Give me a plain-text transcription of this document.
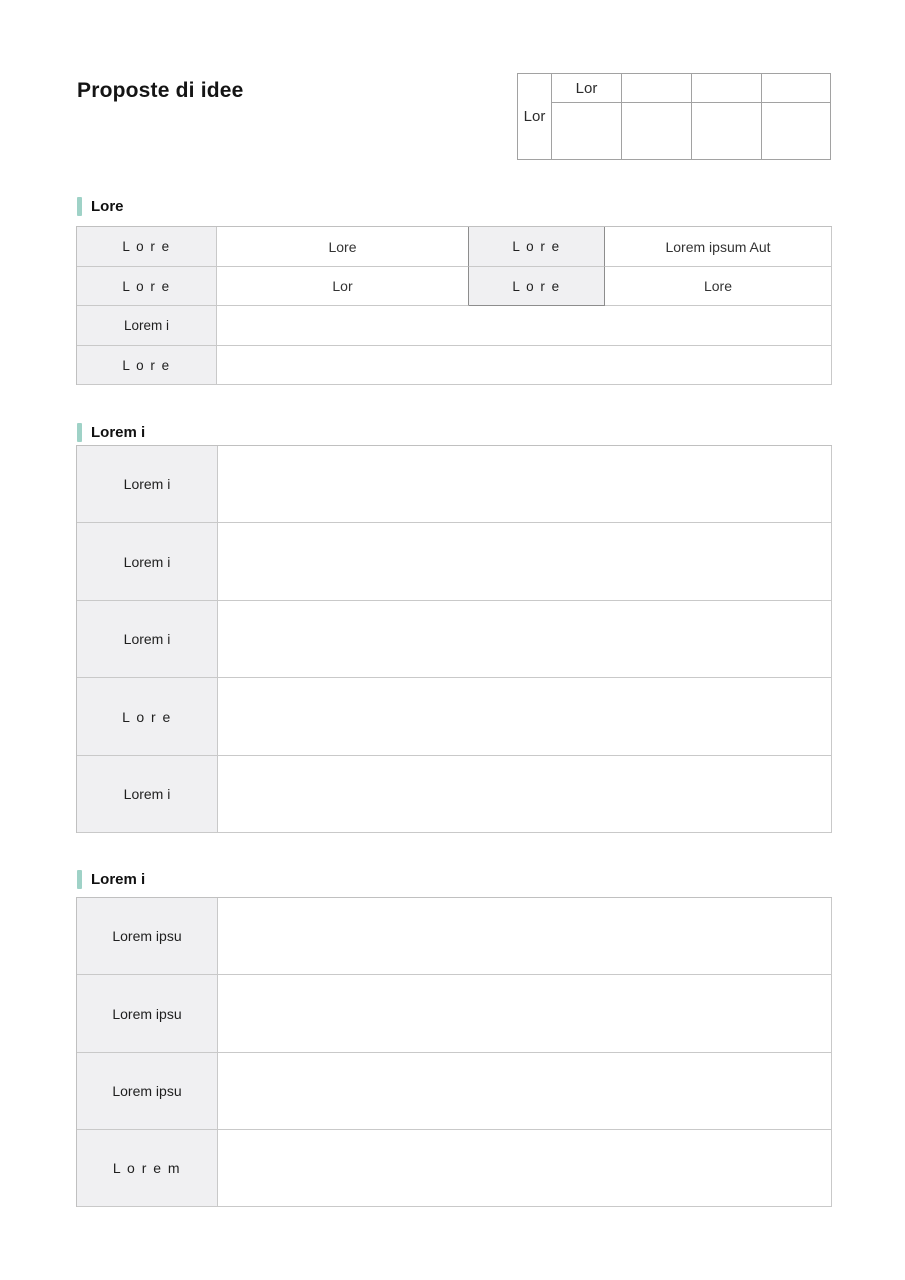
Proposte di idee
Lor	Lor			

Lore
L o r e	Lore	L o r e	Lorem ipsum Aut
L o r e	Lor	L o r e	Lore
Lorem i			
L o r e			
Lorem i
Lorem i	
Lorem i	
Lorem i	
L o r e	
Lorem i	
Lorem i
Lorem ipsu	
Lorem ipsu	
Lorem ipsu	
L o r e m	
